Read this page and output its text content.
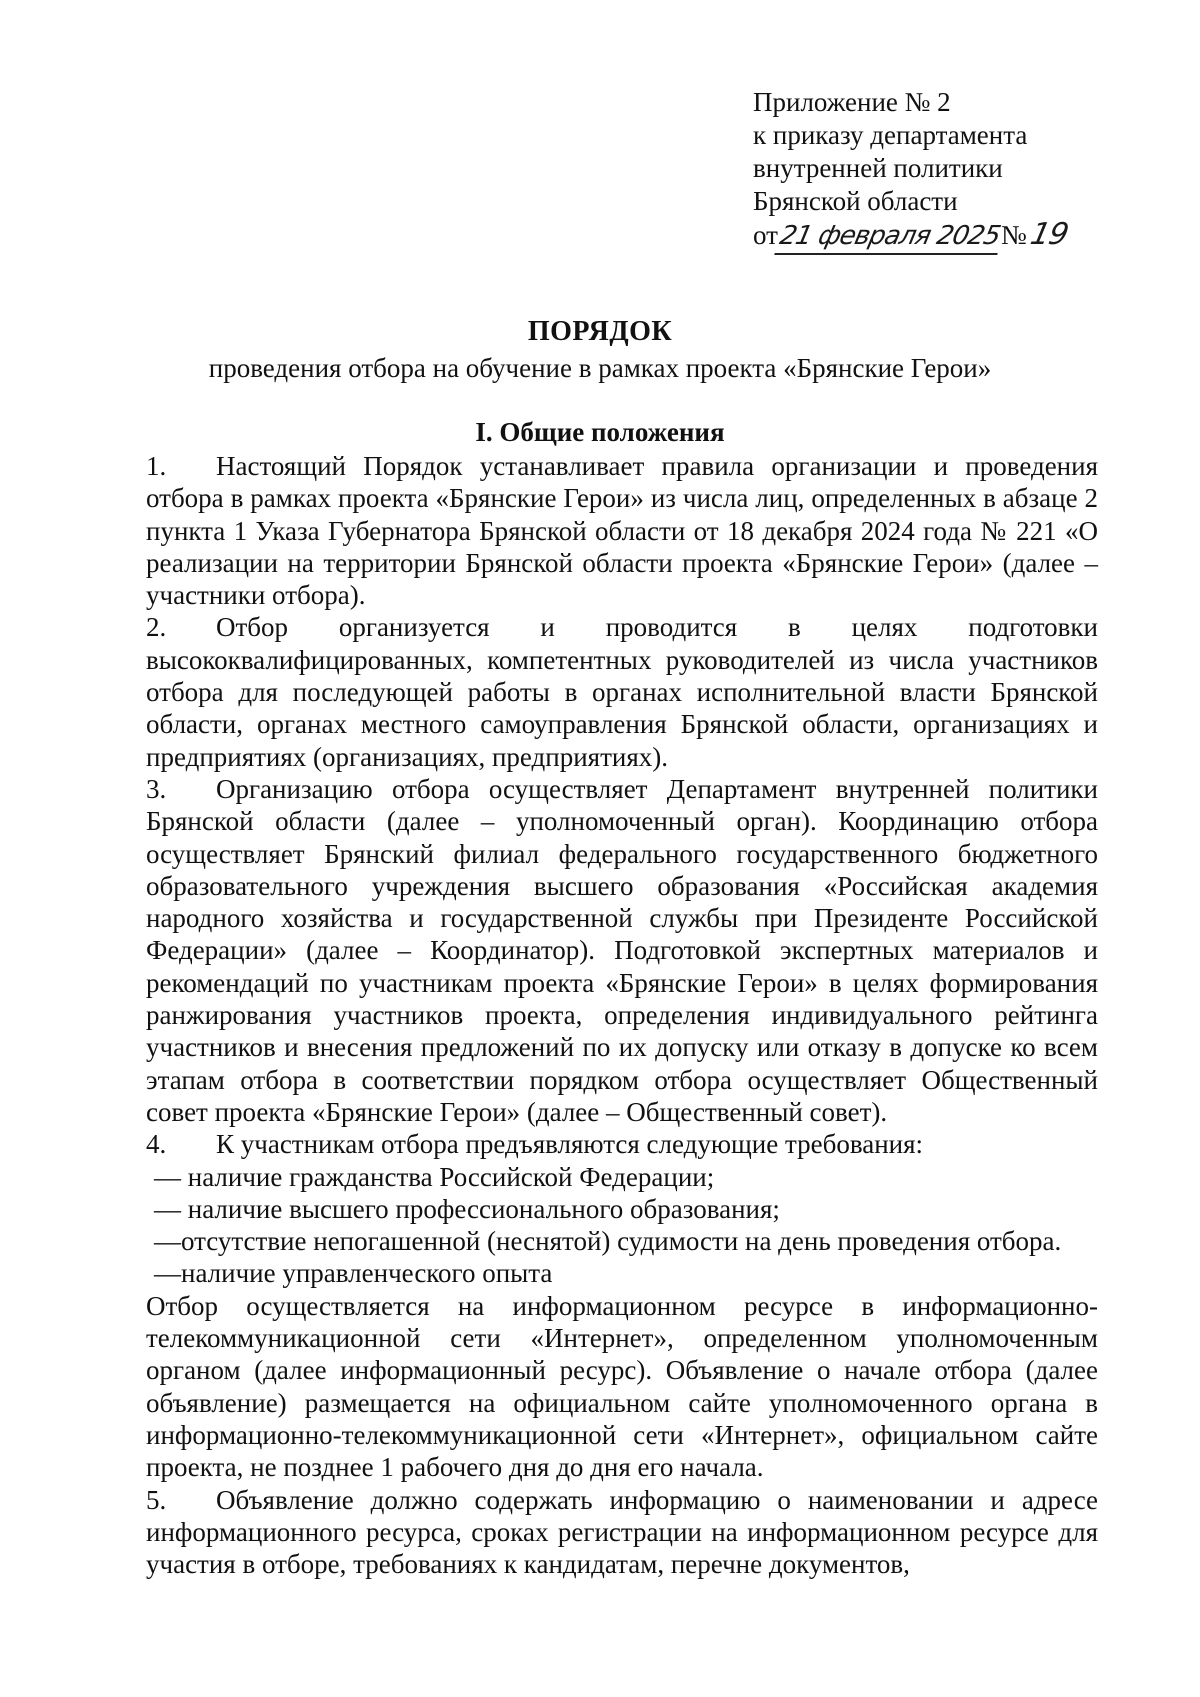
Приложение № 2
к приказу департамента
внутренней политики
Брянской области
от21 февраля 2025№19
ПОРЯДОК
проведения отбора на обучение в рамках проекта «Брянские Герои»
I. Общие положения

1. Настоящий Порядок устанавливает правила организации и проведения отбора в рамках проекта «Брянские Герои» из числа лиц, определенных в абзаце 2 пункта 1 Указа Губернатора Брянской области от 18 декабря 2024 года № 221 «О реализации на территории Брянской области проекта «Брянские Герои» (далее – участники отбора).

2. Отбор организуется и проводится в целях подготовки высококвалифицированных, компетентных руководителей из числа участников отбора для последующей работы в органах исполнительной власти Брянской области, органах местного самоуправления Брянской области, организациях и предприятиях (организациях, предприятиях).

3. Организацию отбора осуществляет Департамент внутренней политики Брянской области (далее – уполномоченный орган). Координацию отбора осуществляет Брянский филиал федерального государственного бюджетного образовательного учреждения высшего образования «Российская академия народного хозяйства и государственной службы при Президенте Российской Федерации» (далее – Координатор). Подготовкой экспертных материалов и рекомендаций по участникам проекта «Брянские Герои» в целях формирования ранжирования участников проекта, определения индивидуального рейтинга участников и внесения предложений по их допуску или отказу в допуске ко всем этапам отбора в соответствии порядком отбора осуществляет Общественный совет проекта «Брянские Герои» (далее – Общественный совет).

4. К участникам отбора предъявляются следующие требования:

— наличие гражданства Российской Федерации;
— наличие высшего профессионального образования;
—отсутствие непогашенной (неснятой) судимости на день проведения отбора.
—наличие управленческого опыта

Отбор осуществляется на информационном ресурсе в информационно-телекоммуникационной сети «Интернет», определенном уполномоченным органом (далее информационный ресурс). Объявление о начале отбора (далее объявление) размещается на официальном сайте уполномоченного органа в информационно-телекоммуникационной сети «Интернет», официальном сайте проекта, не позднее 1 рабочего дня до дня его начала.

5. Объявление должно содержать информацию о наименовании и адресе информационного ресурса, сроках регистрации на информационном ресурсе для участия в отборе, требованиях к кандидатам, перечне документов,
